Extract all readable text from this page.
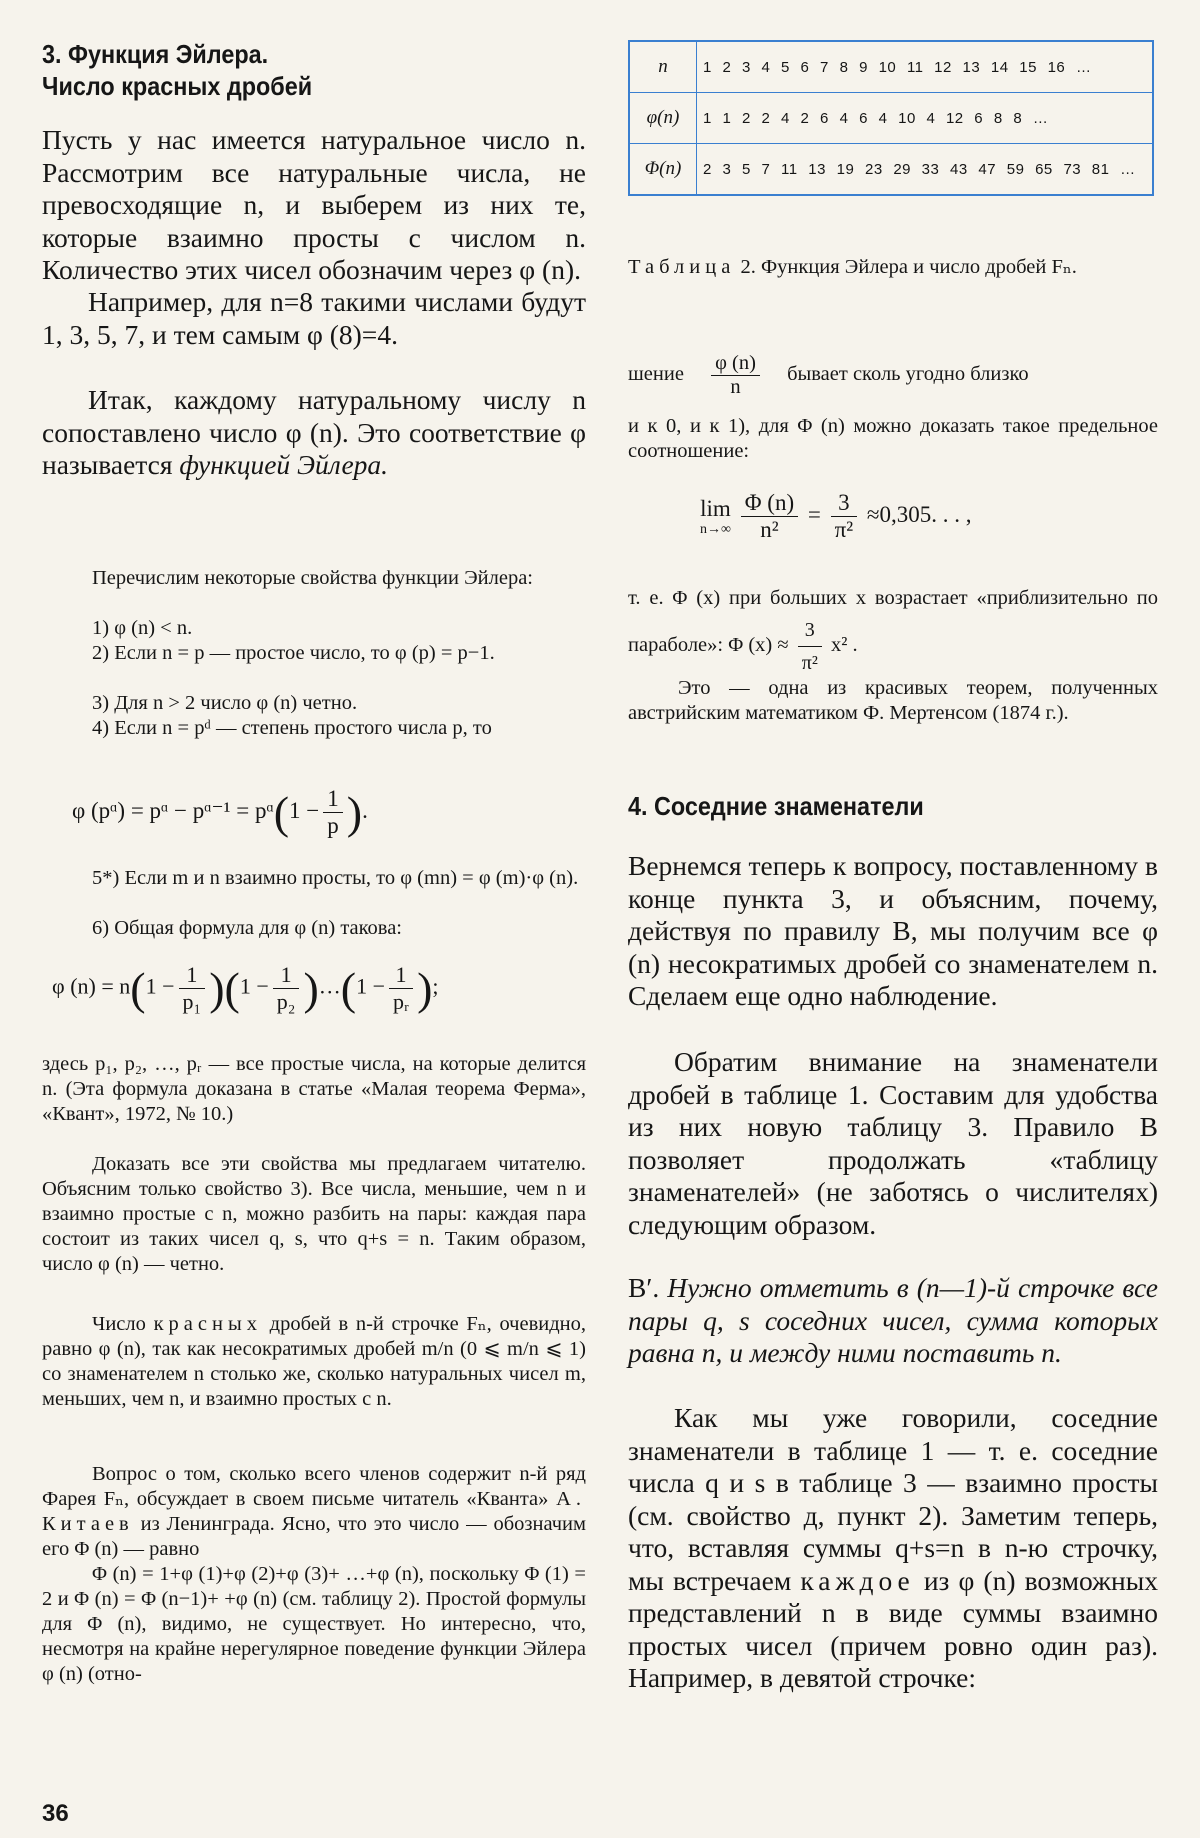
3. Функция Эйлера.
Число красных дробей

Пусть у нас имеется натуральное число n. Рассмотрим все натуральные числа, не превосходящие n, и выберем из них те, которые взаимно просты с числом n. Количество этих чисел обозначим через φ (n).

Например, для n=8 такими числами будут 1, 3, 5, 7, и тем самым φ (8)=4.

Итак, каждому натуральному числу n сопоставлено число φ (n). Это соответствие φ называется функцией Эйлера.

Перечислим некоторые свойства функции Эйлера:

1) φ (n) < n.

2) Если n = p — простое число, то φ (p) = p−1.

3) Для n > 2 число φ (n) четно.

4) Если n = pᵈ — степень простого числа p, то

φ (pᵅ) = pᵅ − pᵅ⁻¹ = pᵅ(1 − $\frac{1}{p}$ ).

5*) Если m и n взаимно просты, то φ (mn) = φ (m)·φ (n).

6) Общая формула для φ (n) такова:

φ $(n) = n(1 - \frac{1}{\text{p₁}} )(1 - \frac{1}{\text{p₂}}$ )…(1 − $\frac{1}{\text{pᵣ}}$ );

здесь p₁, p₂, …, pᵣ — все простые числа, на которые делится n. (Эта формула доказана в статье «Малая теорема Ферма», «Квант», 1972, № 10.)

Доказать все эти свойства мы предлагаем читателю. Объясним только свойство 3). Все числа, меньшие, чем n и взаимно простые с n, можно разбить на пары: каждая пара состоит из таких чисел q, s, что q+s = n. Таким образом, число φ (n) — четно.

Число красных дробей в n-й строчке Fₙ, очевидно, равно φ (n), так как несократимых дробей m/n (0 ⩽ m/n ⩽ 1) со знаменателем n столько же, сколько натуральных чисел m, меньших, чем n, и взаимно простых с n.

Вопрос о том, сколько всего членов содержит n-й ряд Фарея Fₙ, обсуждает в своем письме читатель «Кванта» А. Китаев из Ленинграда. Ясно, что это число — обозначим его Φ (n) — равно

Φ (n) = 1+φ (1)+φ (2)+φ (3)+ …+φ (n), поскольку Φ (1) = 2 и Φ (n) = Φ (n−1)+ +φ (n) (см. таблицу 2). Простой формулы для Φ (n), видимо, не существует. Но интересно, что, несмотря на крайне нерегулярное поведение функции Эйлера φ (n) (отно-

36
n	1 2 3 4 5 6 7 8 9 10 11 12 13 14 15 16 …
φ(n)	1 1 2 2 4 2 6 4 6 4 10 4 12 6 8 8 …
Φ(n)	2 3 5 7 11 13 19 23 29 33 43 47 59 65 73 81 …

Таблица 2. Функция Эйлера и число дробей Fₙ.

шение $\frac{\varphi (n)}{n}$ бывает сколь угодно близко

и к 0, и к 1), для Φ (n) можно доказать такое предельное соотношение:

lim
n→∞
$\frac{\Phi (n)}{\text{n²}} = \frac{3}{\text{π²}} \approx 0,305$. . . ,
т. е. Φ (x) при больших x возрастает «приблизительно по параболе»: Φ $(x) \approx \frac{3}{\text{π²}} x^2$ .

Это — одна из красивых теорем, полученных австрийским математиком Ф. Мертенсом (1874 г.).

4. Соседние знаменатели

Вернемся теперь к вопросу, поставленному в конце пункта 3, и объясним, почему, действуя по правилу B, мы получим все φ (n) несократимых дробей со знаменателем n. Сделаем еще одно наблюдение.

Обратим внимание на знаменатели дробей в таблице 1. Составим для удобства из них новую таблицу 3. Правило B позволяет продолжать «таблицу знаменателей» (не заботясь о числителях) следующим образом.

B′. Нужно отметить в (n—1)-й строчке все пары q, s соседних чисел, сумма которых равна n, и между ними поставить n.

Как мы уже говорили, соседние знаменатели в таблице 1 — т. е. соседние числа q и s в таблице 3 — взаимно просты (см. свойство д, пункт 2). Заметим теперь, что, вставляя суммы q+s=n в n-ю строчку, мы встречаем каждое из φ (n) возможных представлений n в виде суммы взаимно простых чисел (причем ровно один раз). Например, в девятой строчке:
